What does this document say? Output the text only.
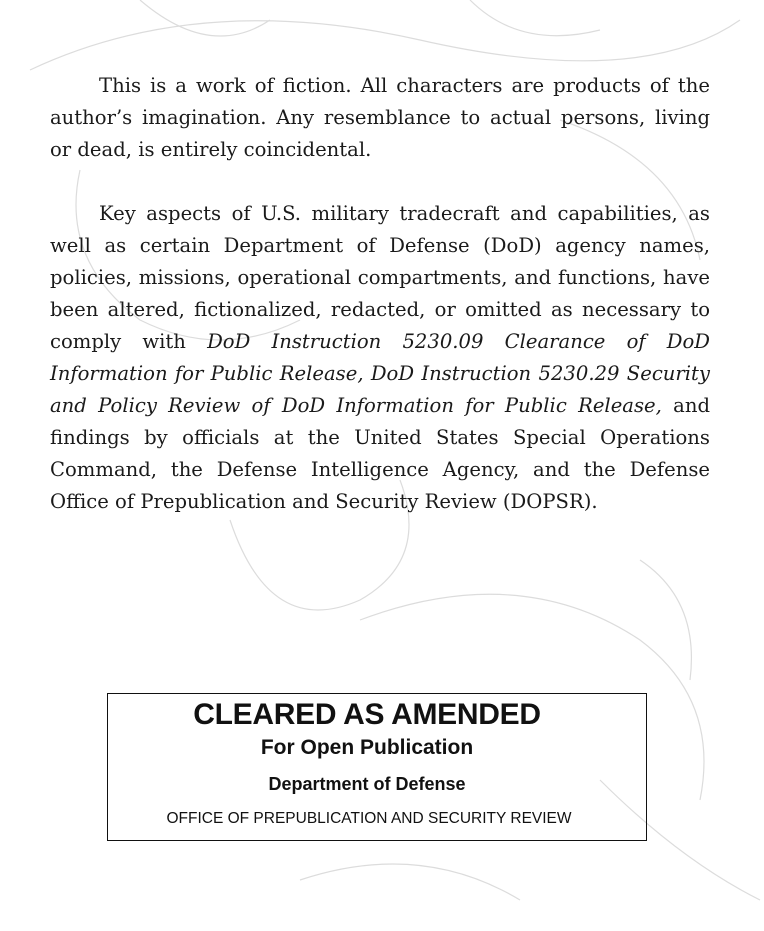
This is a work of fiction. All characters are products of the author’s imagination. Any resemblance to actual persons, living or dead, is entirely coincidental.

Key aspects of U.S. military tradecraft and capabilities, as well as certain Department of Defense (DoD) agency names, policies, missions, operational compartments, and functions, have been altered, fictionalized, redacted, or omitted as necessary to comply with DoD Instruction 5230.09 Clearance of DoD Information for Public Release, DoD Instruction 5230.29 Security and Policy Review of DoD Information for Public Release, and findings by officials at the United States Special Operations Command, the Defense Intelligence Agency, and the Defense Office of Prepublication and Security Review (DOPSR).

CLEARED AS AMENDED
For Open Publication
Department of Defense
OFFICE OF PREPUBLICATION AND SECURITY REVIEW
